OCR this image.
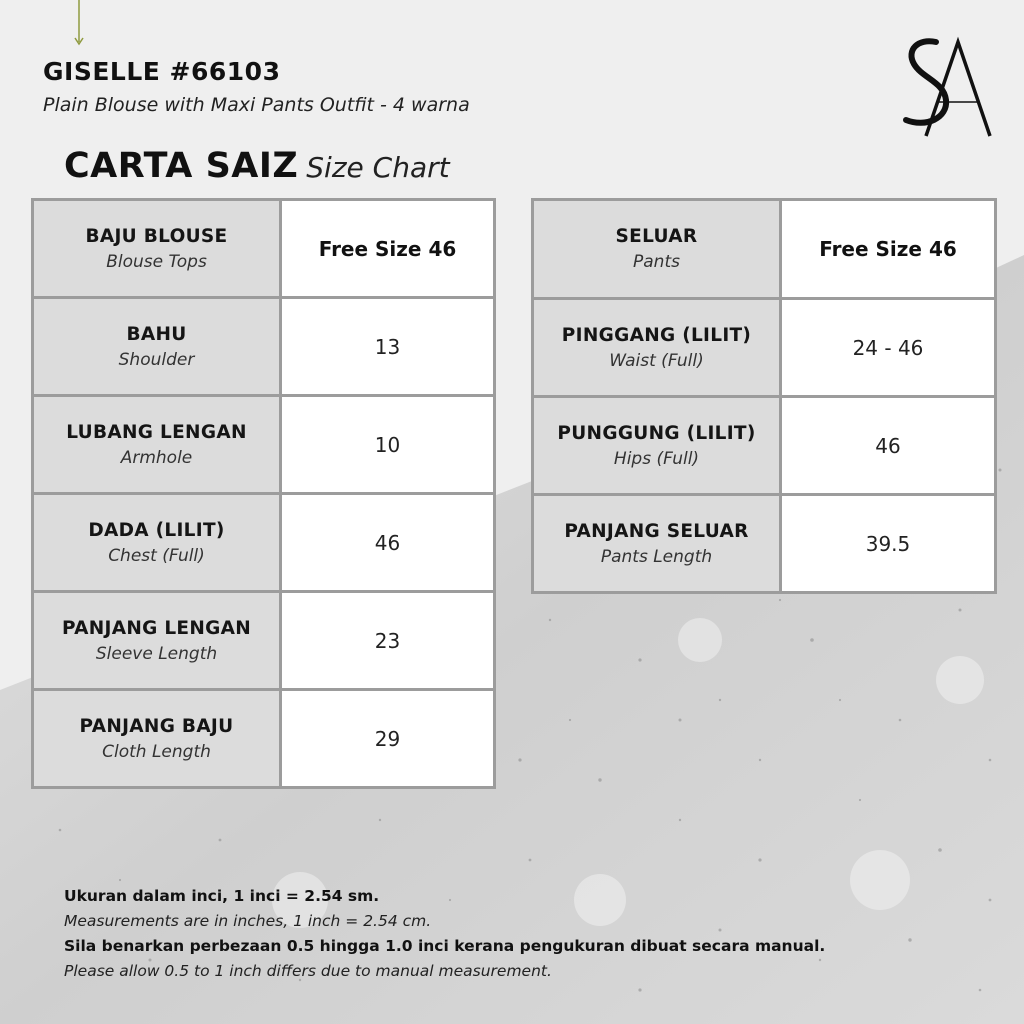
GISELLE #66103
Plain Blouse with Maxi Pants Outfit - 4 warna
CARTA SAIZ Size Chart
BAJU BLOUSE
Blouse Tops	Free Size 46

BAHU
Shoulder	13

LUBANG LENGAN
Armhole	10

DADA (LILIT)
Chest (Full)	46

PANJANG LENGAN
Sleeve Length	23

PANJANG BAJU
Cloth Length	29
SELUAR
Pants	Free Size 46

PINGGANG (LILIT)
Waist (Full)	24 - 46

PUNGGUNG (LILIT)
Hips (Full)	46

PANJANG SELUAR
Pants Length	39.5
Ukuran dalam inci, 1 inci = 2.54 sm.
Measurements are in inches, 1 inch = 2.54 cm.
Sila benarkan perbezaan 0.5 hingga 1.0 inci kerana pengukuran dibuat secara manual.
Please allow 0.5 to 1 inch differs due to manual measurement.
